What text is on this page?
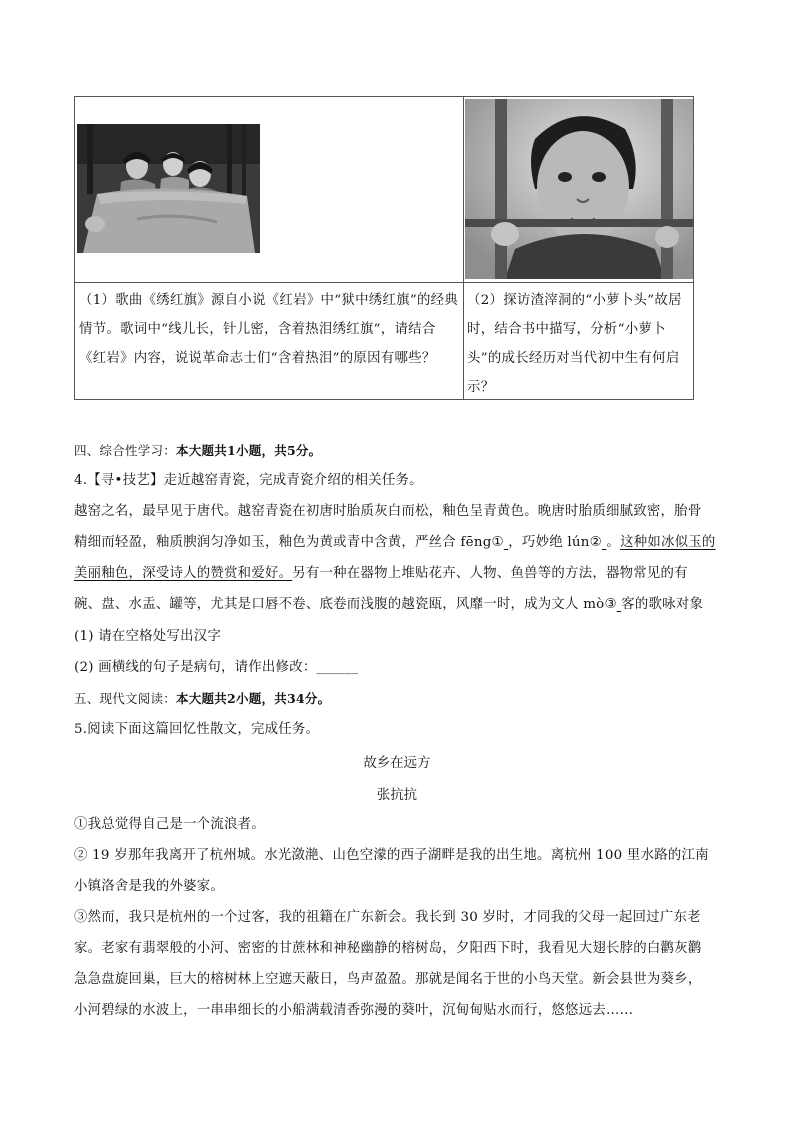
（1）歌曲《绣红旗》源自小说《红岩》中“狱中绣红旗”的经典情节。歌词中“线儿长，针儿密，含着热泪绣红旗”，请结合《红岩》内容，说说革命志士们“含着热泪”的原因有哪些？
（2）探访渣滓洞的“小萝卜头”故居时，结合书中描写，分析“小萝卜头”的成长经历对当代初中生有何启示？
四、综合性学习：本大题共1小题，共5分。
4.【寻•技艺】走近越窑青瓷，完成青瓷介绍的相关任务。
越窑之名，最早见于唐代。越窑青瓷在初唐时胎质灰白而松，釉色呈青黄色。晚唐时胎质细腻致密，胎骨
精细而轻盈，釉质腴润匀净如玉，釉色为黄或青中含黄，严丝合 fēng① ，巧妙绝 lún② 。这种如冰似玉的
美丽釉色，深受诗人的赞赏和爱好。另有一种在器物上堆贴花卉、人物、鱼兽等的方法，器物常见的有
碗、盘、水盂、罐等，尤其是口唇不卷、底卷而浅腹的越瓷瓯，风靡一时，成为文人 mò③ 客的歌咏对象
(1) 请在空格处写出汉字
(2) 画横线的句子是病句，请作出修改：______
五、现代文阅读：本大题共2小题，共34分。
5.阅读下面这篇回忆性散文，完成任务。
故乡在远方
张抗抗
①我总觉得自己是一个流浪者。
② 19 岁那年我离开了杭州城。水光潋滟、山色空濛的西子湖畔是我的出生地。离杭州 100 里水路的江南
小镇洛舍是我的外婆家。
③然而，我只是杭州的一个过客，我的祖籍在广东新会。我长到 30 岁时，才同我的父母一起回过广东老
家。老家有翡翠般的小河、密密的甘蔗林和神秘幽静的榕树岛，夕阳西下时，我看见大翅长脖的白鹳灰鹳
急急盘旋回巢，巨大的榕树林上空遮天蔽日，鸟声盈盈。那就是闻名于世的小鸟天堂。新会县世为葵乡，
小河碧绿的水波上，一串串细长的小船满载清香弥漫的葵叶，沉甸甸贴水而行，悠悠远去……
